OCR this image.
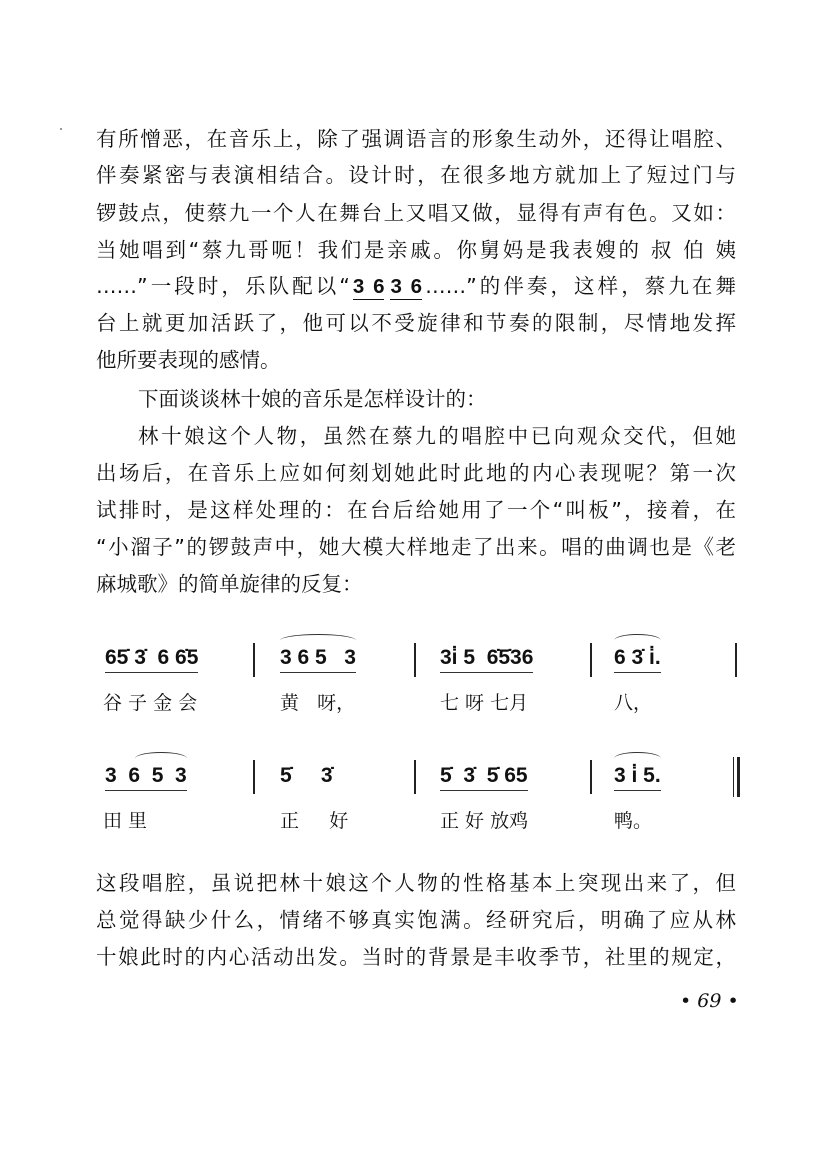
有所憎恶，在音乐上，除了强调语言的形象生动外，还得让唱腔、
伴奏紧密与表演相结合。设计时，在很多地方就加上了短过门与
锣鼓点，使蔡九一个人在舞台上又唱又做，显得有声有色。又如：
当她唱到“蔡九哥呃！我们是亲戚。你舅妈是我表嫂的 叔 伯 姨
……”一段时，乐队配以“ 3 6 3 6 ……”的伴奏，这样，蔡九在舞
台上就更加活跃了，他可以不受旋律和节奏的限制，尽情地发挥
他所要表现的感情。
下面谈谈林十娘的音乐是怎样设计的：
林十娘这个人物，虽然在蔡九的唱腔中已向观众交代，但她
出场后，在音乐上应如何刻划她此时此地的内心表现呢？第一次
试排时，是这样处理的：在台后给她用了一个“叫板”，接着，在
“小溜子”的锣鼓声中，她大模大样地走了出来。唱的曲调也是《老
麻城歌》的简单旋律的反复：
65̇ 3̇  6 6̇5	3 6 5   3	3i̇ 5  6̇5̇36	6 3̇ i̇.
谷 子 金 会	黄   呀，	七 呀 七月	八，
3  6  5  3	5̇     3̇	5̇  3̇  5̇ 65	3 i̇ 5.
田 里	正     好	正 好 放鸡	鸭。
这段唱腔，虽说把林十娘这个人物的性格基本上突现出来了，但
总觉得缺少什么，情绪不够真实饱满。经研究后，明确了应从林
十娘此时的内心活动出发。当时的背景是丰收季节，社里的规定，
• 69 •
